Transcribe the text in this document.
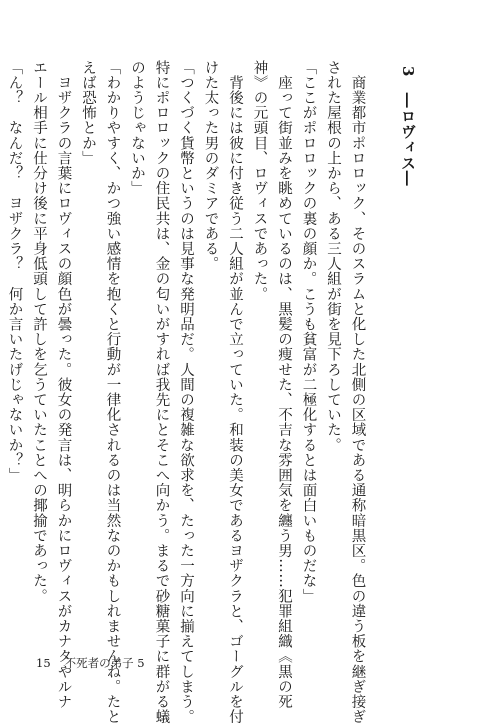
3　―ロヴィス―
　商業都市ポロロック、そのスラムと化した北側の区域である通称暗黒区。色の違う板を継ぎ接ぎ
された屋根の上から、ある三人組が街を見下ろしていた。
「ここがポロロックの裏の顔か。こうも貧富が二極化するとは面白いものだな」
　座って街並みを眺めているのは、黒髪の痩せた、不吉な雰囲気を纏う男……犯罪組織《黒の死
神》の元頭目、ロヴィスであった。
　背後には彼に付き従う二人組が並んで立っていた。和装の美女であるヨザクラと、ゴーグルを付
けた太った男のダミアである。
「つくづく貨幣というのは見事な発明品だ。人間の複雑な欲求を、たった一方向に揃えてしまう。
特にポロロックの住民共は、金の匂いがすれば我先にとそこへ向かう。まるで砂糖菓子に群がる蟻
のようじゃないか」
「わかりやすく、かつ強い感情を抱くと行動が一律化されるのは当然なのかもしれませんね。たと
えば恐怖とか」
　ヨザクラの言葉にロヴィスの顔色が曇った。彼女の発言は、明らかにロヴィスがカナタやルナ
エール相手に仕分け後に平身低頭して許しを乞うていたことへの揶揄であった。
「ん？　なんだ？　ヨザクラ？　何か言いたげじゃないか？」
15 不死者の弟子 5
